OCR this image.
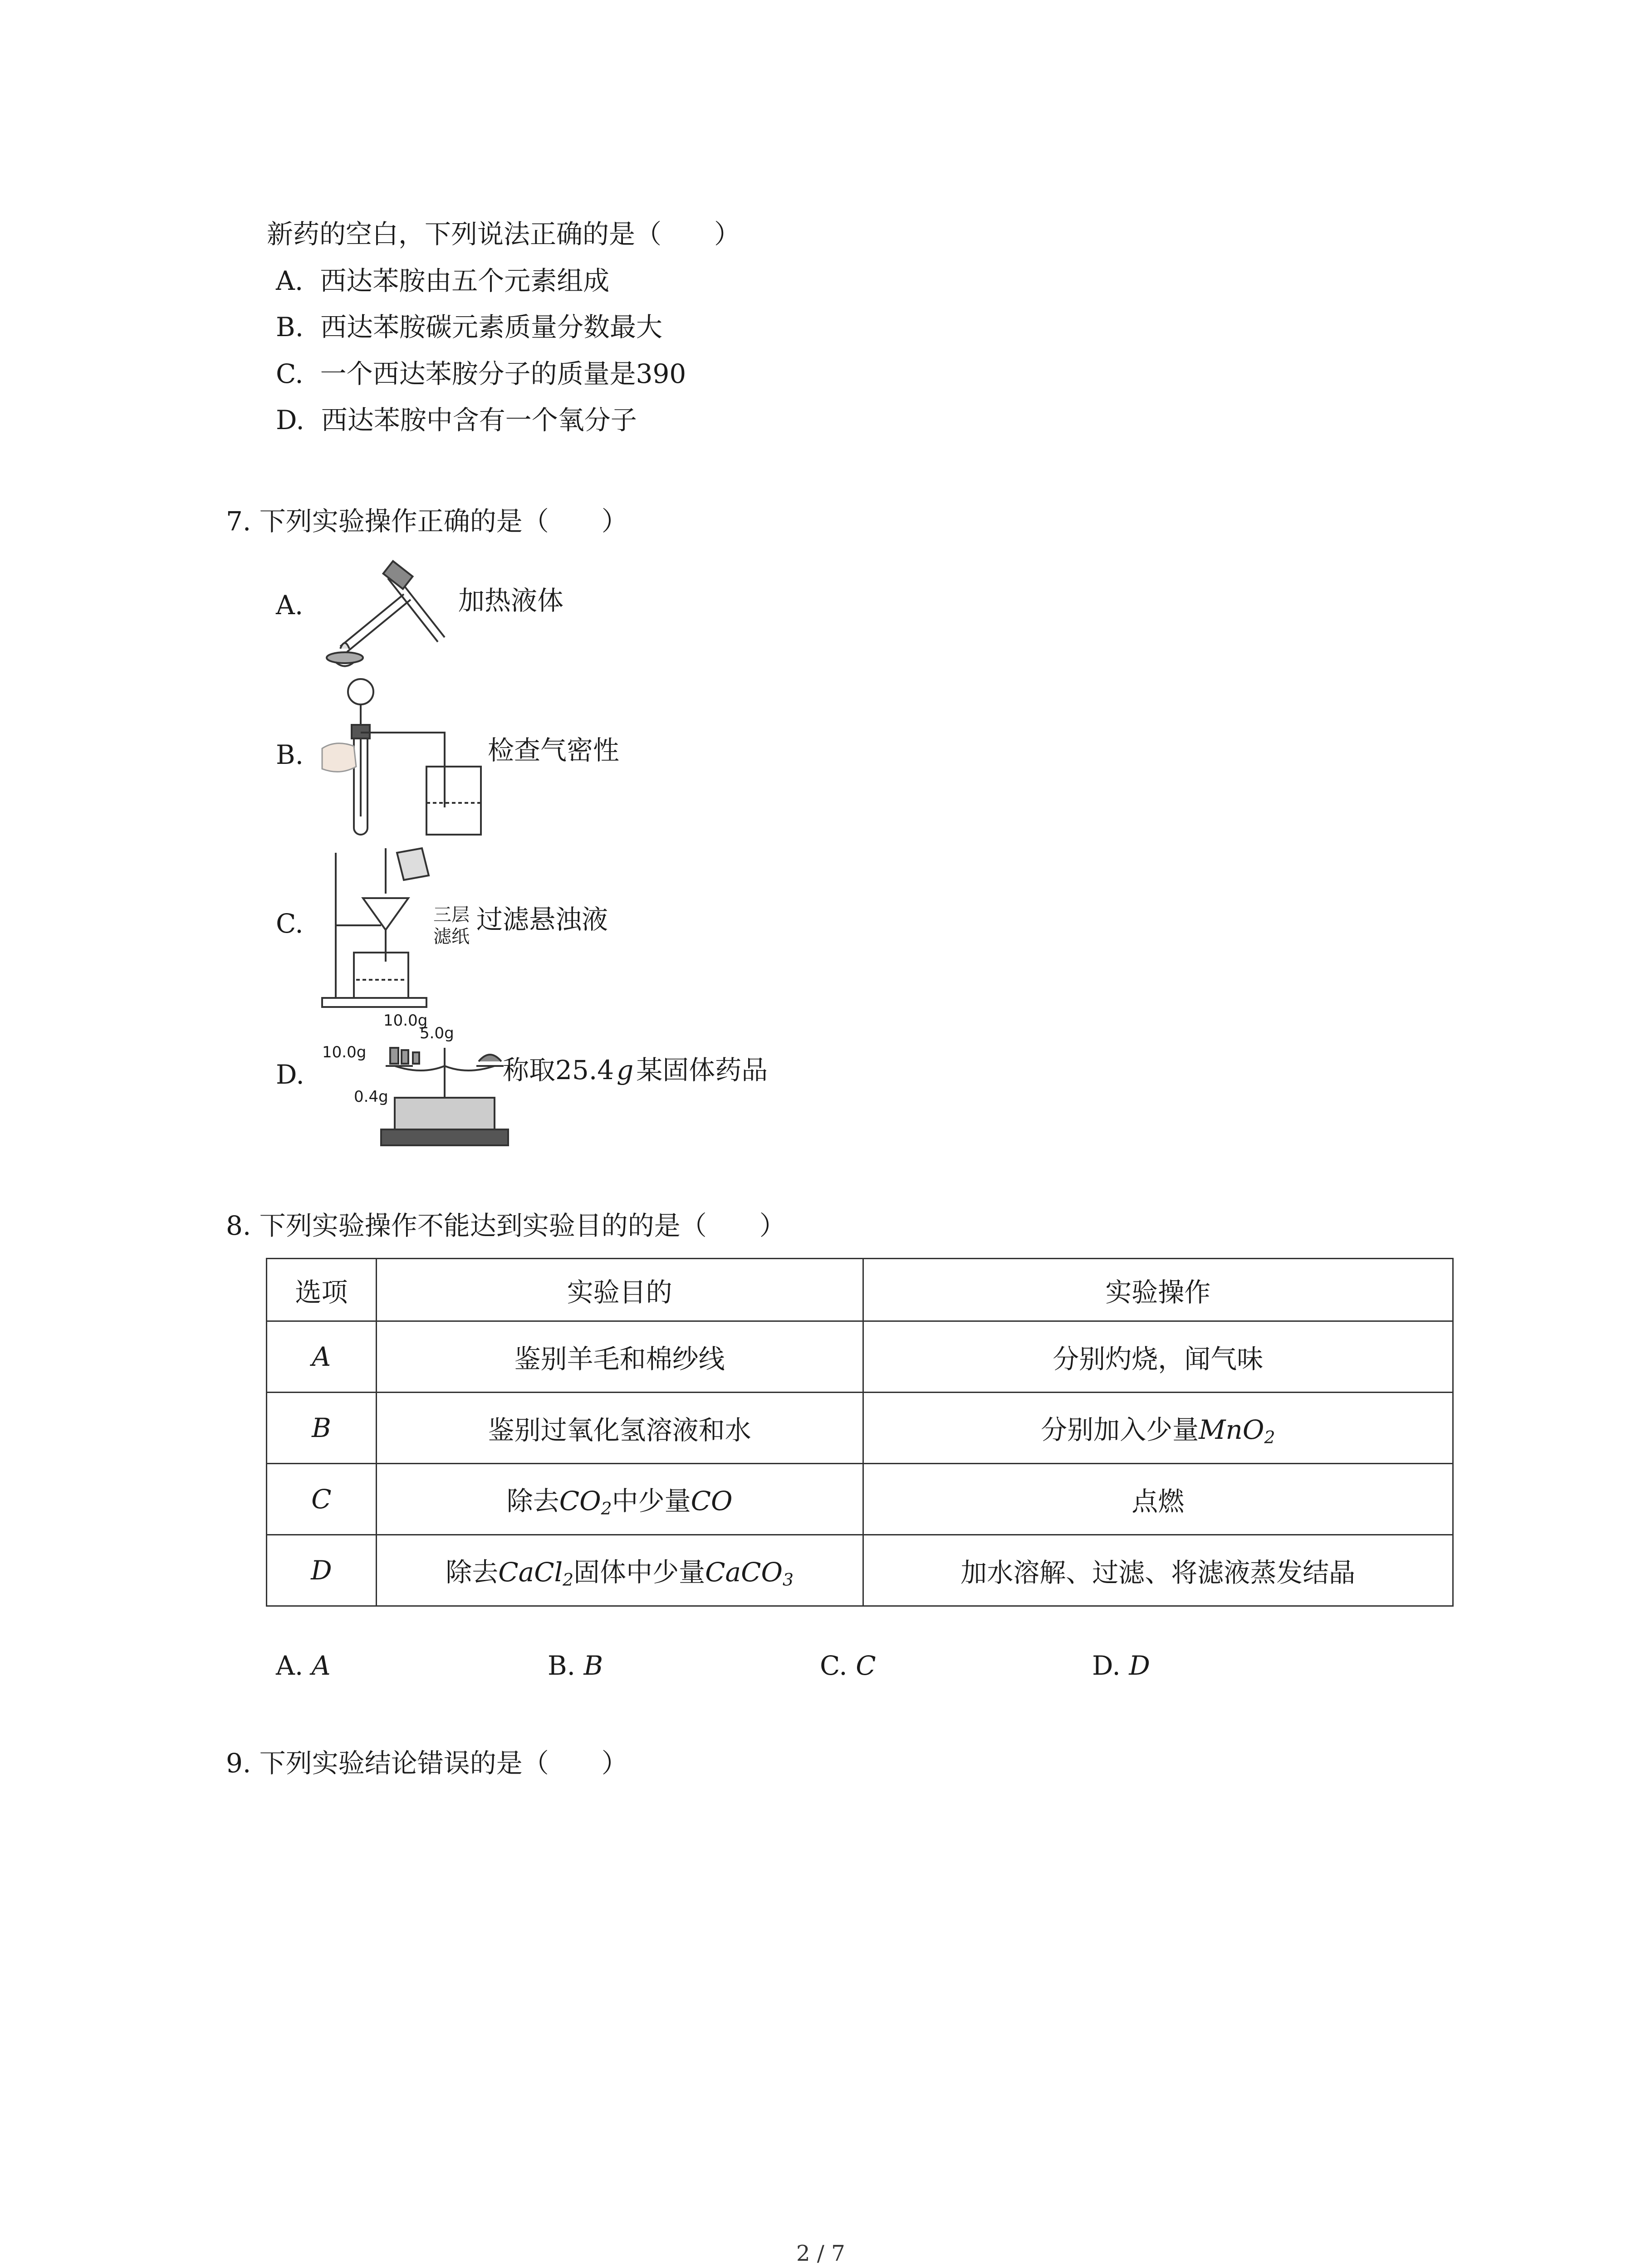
新药的空白，下列说法正确的是（　　）
A. 西达苯胺由五个元素组成
B. 西达苯胺碳元素质量分数最大
C. 一个西达苯胺分子的质量是390
D. 西达苯胺中含有一个氧分子
7. 下列实验操作正确的是（　　）
A.	加热液体
B.	检查气密性
C.	三层
滤纸
过滤悬浊液
D.
10.0g
5.0g
10.0g
0.4g
称取25.4 g 某固体药品
8. 下列实验操作不能达到实验目的的是（　　）
选项	实验目的	实验操作
A	鉴别羊毛和棉纱线	分别灼烧，闻气味
B	鉴别过氧化氢溶液和水	分别加入少量MnO$_2$
C	除去$CO_2$中少量CO	点燃
D	除去CaCl$_2$固体中少量CaCO$_3$	加水溶解、过滤、将滤液蒸发结晶
A. A	B. B	C. C	D. D
9. 下列实验结论错误的是（　　）
2 / 7
